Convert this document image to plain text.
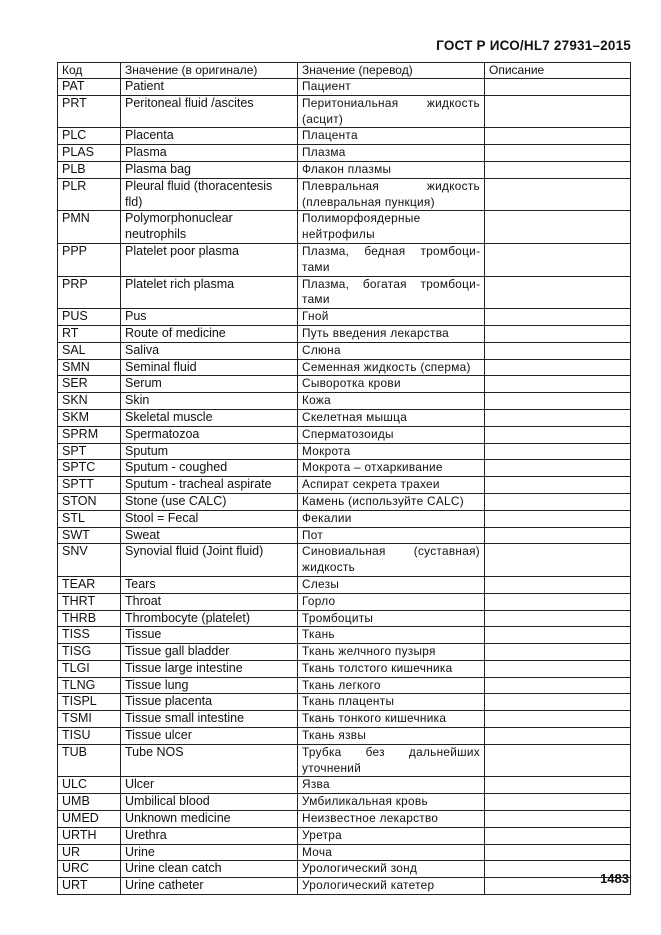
ГОСТ Р ИСО/HL7 27931–2015
Код	Значение (в оригинале)	Значение (перевод)	Описание
PAT	Patient	Пациент	
PRT	Peritoneal fluid /ascites	Перитониальная жидкость (асцит)	
PLC	Placenta	Плацента	
PLAS	Plasma	Плазма	
PLB	Plasma bag	Флакон плазмы	
PLR	Pleural fluid (thoracentesis fld)	Плевральная жидкость (плевральная пункция)	
PMN	Polymorphonuclear neutrophils	Полиморфоядерные нейтрофилы	
PPP	Platelet poor plasma	Плазма, бедная тромбоцитами	
PRP	Platelet rich plasma	Плазма, богатая тромбоцитами	
PUS	Pus	Гной	
RT	Route of medicine	Путь введения лекарства	
SAL	Saliva	Слюна	
SMN	Seminal fluid	Семенная жидкость (сперма)	
SER	Serum	Сыворотка крови	
SKN	Skin	Кожа	
SKM	Skeletal muscle	Скелетная мышца	
SPRM	Spermatozoa	Сперматозоиды	
SPT	Sputum	Мокрота	
SPTC	Sputum - coughed	Мокрота – отхаркивание	
SPTT	Sputum - tracheal aspirate	Аспират секрета трахеи	
STON	Stone (use CALC)	Камень (используйте CALC)	
STL	Stool = Fecal	Фекалии	
SWT	Sweat	Пот	
SNV	Synovial fluid (Joint fluid)	Синовиальная (суставная) жидкость	
TEAR	Tears	Слезы	
THRT	Throat	Горло	
THRB	Thrombocyte (platelet)	Тромбоциты	
TISS	Tissue	Ткань	
TISG	Tissue gall bladder	Ткань желчного пузыря	
TLGI	Tissue large intestine	Ткань толстого кишечника	
TLNG	Tissue lung	Ткань легкого	
TISPL	Tissue placenta	Ткань плаценты	
TSMI	Tissue small intestine	Ткань тонкого кишечника	
TISU	Tissue ulcer	Ткань язвы	
TUB	Tube NOS	Трубка без дальнейших уточнений	
ULC	Ulcer	Язва	
UMB	Umbilical blood	Умбиликальная кровь	
UMED	Unknown medicine	Неизвестное лекарство	
URTH	Urethra	Уретра	
UR	Urine	Моча	
URC	Urine clean catch	Урологический зонд	
URT	Urine catheter	Урологический катетер		1483
